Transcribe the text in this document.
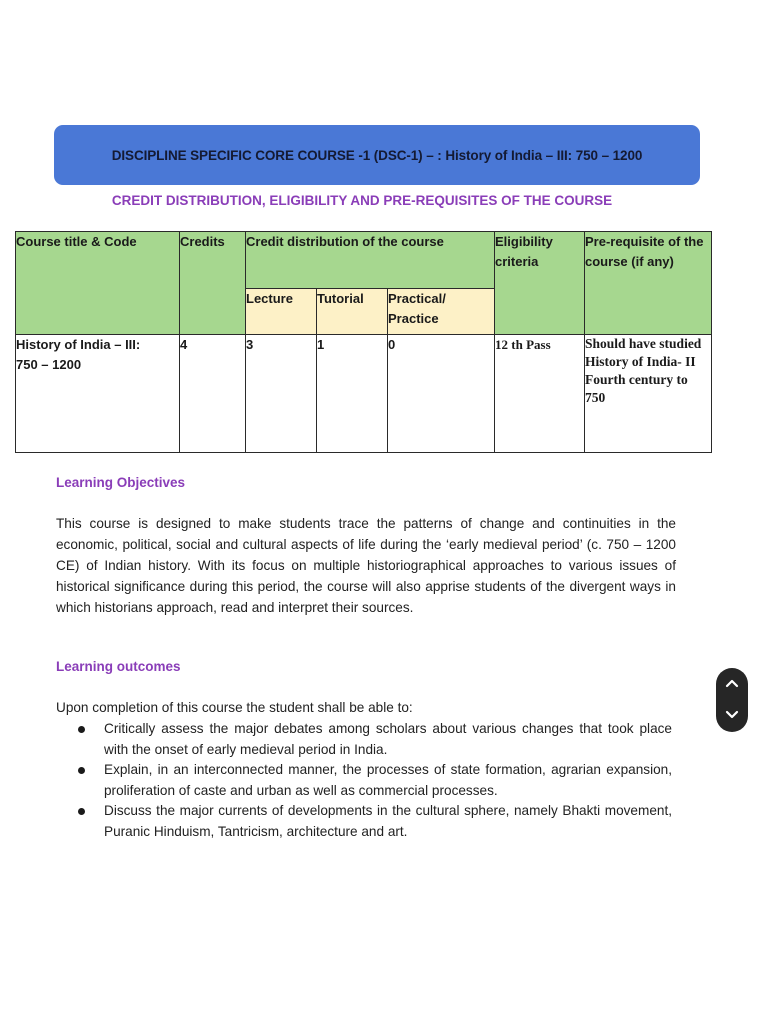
DISCIPLINE SPECIFIC CORE COURSE -1 (DSC-1) – : History of India – III: 750 – 1200
CREDIT DISTRIBUTION, ELIGIBILITY AND PRE-REQUISITES OF THE COURSE
Course title & Code	Credits	Credit distribution of the course			Eligibility criteria	Pre-requisite of the course (if any)
		Lecture	Tutorial	Practical/ Practice		

History of India – III:
750 – 1200	4	3	1	0	12 th Pass	Should have studied History of India- II Fourth century to 750
Learning Objectives
This course is designed to make students trace the patterns of change and continuities in the economic, political, social and cultural aspects of life during the ‘early medieval period’ (c. 750 – 1200 CE) of Indian history. With its focus on multiple historiographical approaches to various issues of historical significance during this period, the course will also apprise students of the divergent ways in which historians approach, read and interpret their sources.
Learning outcomes
Upon completion of this course the student shall be able to:
Critically assess the major debates among scholars about various changes that took place with the onset of early medieval period in India.
Explain, in an interconnected manner, the processes of state formation, agrarian expansion, proliferation of caste and urban as well as commercial processes.
Discuss the major currents of developments in the cultural sphere, namely Bhakti movement, Puranic Hinduism, Tantricism, architecture and art.
